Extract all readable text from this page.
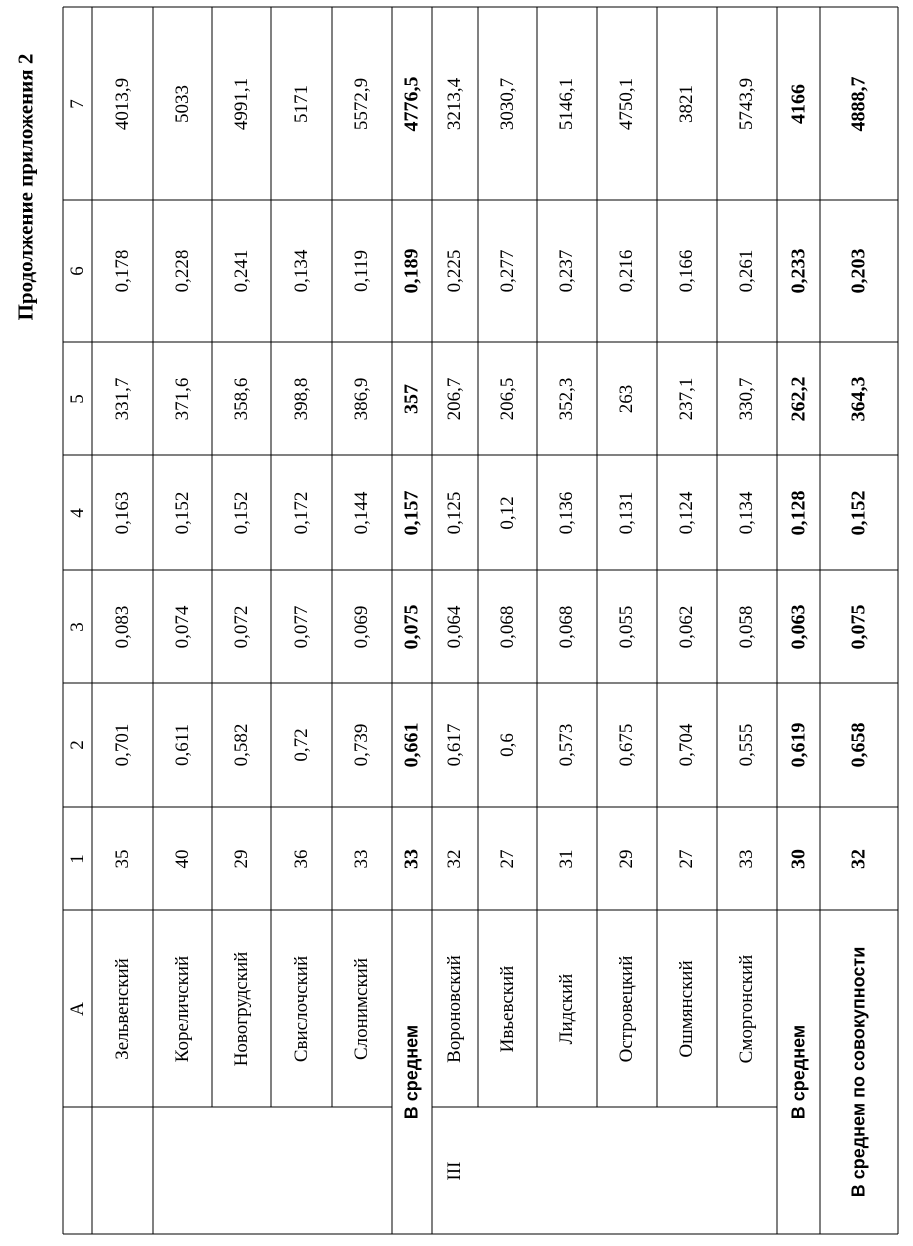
Продолжение приложения 2
A
1
2
3
4
5
6
7
III
Зельвенский
35
0,701
0,083
0,163
331,7
0,178
4013,9
Кореличский
40
0,611
0,074
0,152
371,6
0,228
5033
Новогрудский
29
0,582
0,072
0,152
358,6
0,241
4991,1
Свислочский
36
0,72
0,077
0,172
398,8
0,134
5171
Слонимский
33
0,739
0,069
0,144
386,9
0,119
5572,9
В среднем
33
0,661
0,075
0,157
357
0,189
4776,5
Вороновский
32
0,617
0,064
0,125
206,7
0,225
3213,4
Ивьевский
27
0,6
0,068
0,12
206,5
0,277
3030,7
Лидский
31
0,573
0,068
0,136
352,3
0,237
5146,1
Островецкий
29
0,675
0,055
0,131
263
0,216
4750,1
Ошмянский
27
0,704
0,062
0,124
237,1
0,166
3821
Сморгонский
33
0,555
0,058
0,134
330,7
0,261
5743,9
В среднем
30
0,619
0,063
0,128
262,2
0,233
4166
В среднем по совокупности
32
0,658
0,075
0,152
364,3
0,203
4888,7
